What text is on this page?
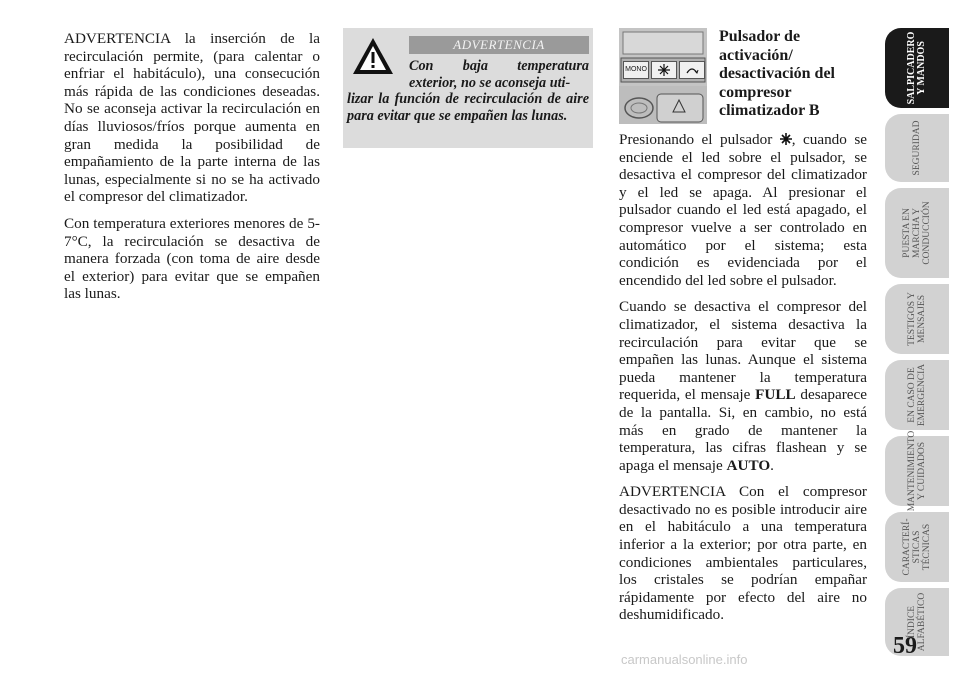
ADVERTENCIA la inserción de la recirculación permite, (para calentar o enfriar el habitáculo), una consecución más rápida de las condiciones deseadas. No se aconseja activar la recirculación en días lluviosos/fríos porque aumenta en gran medida la posibilidad de empañamiento de la parte interna de las lunas, especialmente si no se ha activado el compresor del climatizador.

Con temperatura exteriores menores de 5-7°C, la recirculación se desactiva de manera forzada (con toma de aire desde el exterior) para evitar que se empañen las lunas.

ADVERTENCIA
Con baja temperatura exterior, no se aconseja uti-
lizar la función de recirculación de aire para evitar que se empañen las lunas.
MONO
Pulsador de activación/ desactivación del compresor climatizador B

Presionando el pulsador , cuando se enciende el led sobre el pulsador, se desactiva el compresor del climatizador y el led se apaga. Al presionar el pulsador cuando el led está apagado, el compresor vuelve a ser controlado en automático por el sistema; esta condición es evidenciada por el encendido del led sobre el pulsador.

Cuando se desactiva el compresor del climatizador, el sistema desactiva la recirculación para evitar que se empañen las lunas. Aunque el sistema pueda mantener la temperatura requerida, el mensaje FULL desaparece de la pantalla. Si, en cambio, no está más en grado de mantener la temperatura, las cifras flashean y se apaga el mensaje AUTO.

ADVERTENCIA Con el compresor desactivado no es posible introducir aire en el habitáculo a una temperatura inferior a la exterior; por otra parte, en condiciones ambientales particulares, los cristales se podrían empañar rápidamente por efecto del aire no deshumidificado.

SALPICADERO Y MANDOS
SEGURIDAD
PUESTA EN MARCHA Y CONDUCCIÓN
TESTIGOS Y MENSAJES
EN CASO DE EMERGENCIA
MANTENIMIENTO Y CUIDADOS
CARACTERÍ- STICAS TÉCNICAS
ÍNDICE ALFABÉTICO
59
carmanualsonline.info
